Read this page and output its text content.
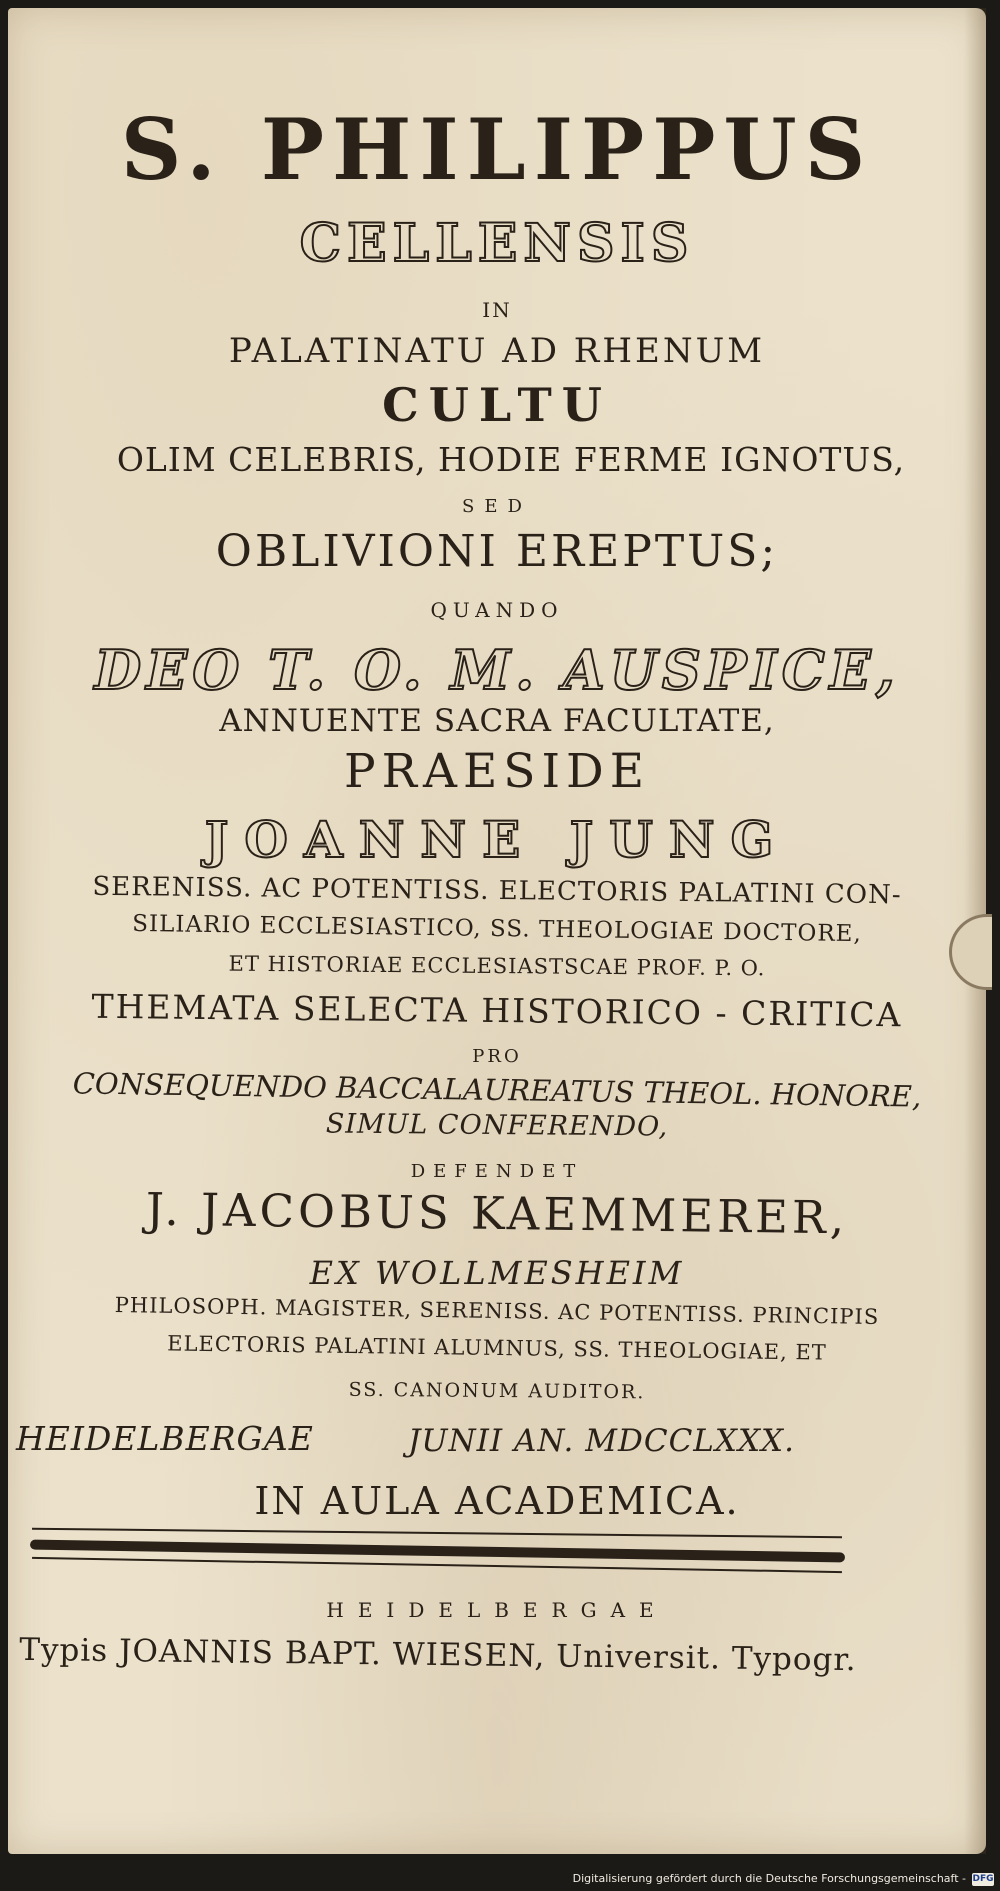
S. PHILIPPUS

CELLENSIS

IN

PALATINATU AD RHENUM

CULTU

OLIM CELEBRIS, HODIE FERME IGNOTUS,

SED

OBLIVIONI EREPTUS;

QUANDO

DEO T. O. M. AUSPICE,

ANNUENTE SACRA FACULTATE,

PRAESIDE

JOANNE JUNG

SERENISS. AC POTENTISS. ELECTORIS PALATINI CON-

SILIARIO ECCLESIASTICO, SS. THEOLOGIAE DOCTORE,

ET HISTORIAE ECCLESIASTSCAE PROF. P. O.

THEMATA SELECTA HISTORICO - CRITICA

PRO

CONSEQUENDO BACCALAUREATUS THEOL. HONORE,

SIMUL CONFERENDO,

DEFENDET

J. JACOBUS KAEMMERER,

EX WOLLMESHEIM

PHILOSOPH. MAGISTER, SERENISS. AC POTENTISS. PRINCIPIS

ELECTORIS PALATINI ALUMNUS, SS. THEOLOGIAE, ET

SS. CANONUM AUDITOR.

HEIDELBERGAE	JUNII AN. MDCCLXXX.

IN AULA ACADEMICA.

HEIDELBERGAE

Typis JOANNIS BAPT. WIESEN, Universit. Typogr.

Digitalisierung gefördert durch die Deutsche Forschungsgemeinschaft - DFG
